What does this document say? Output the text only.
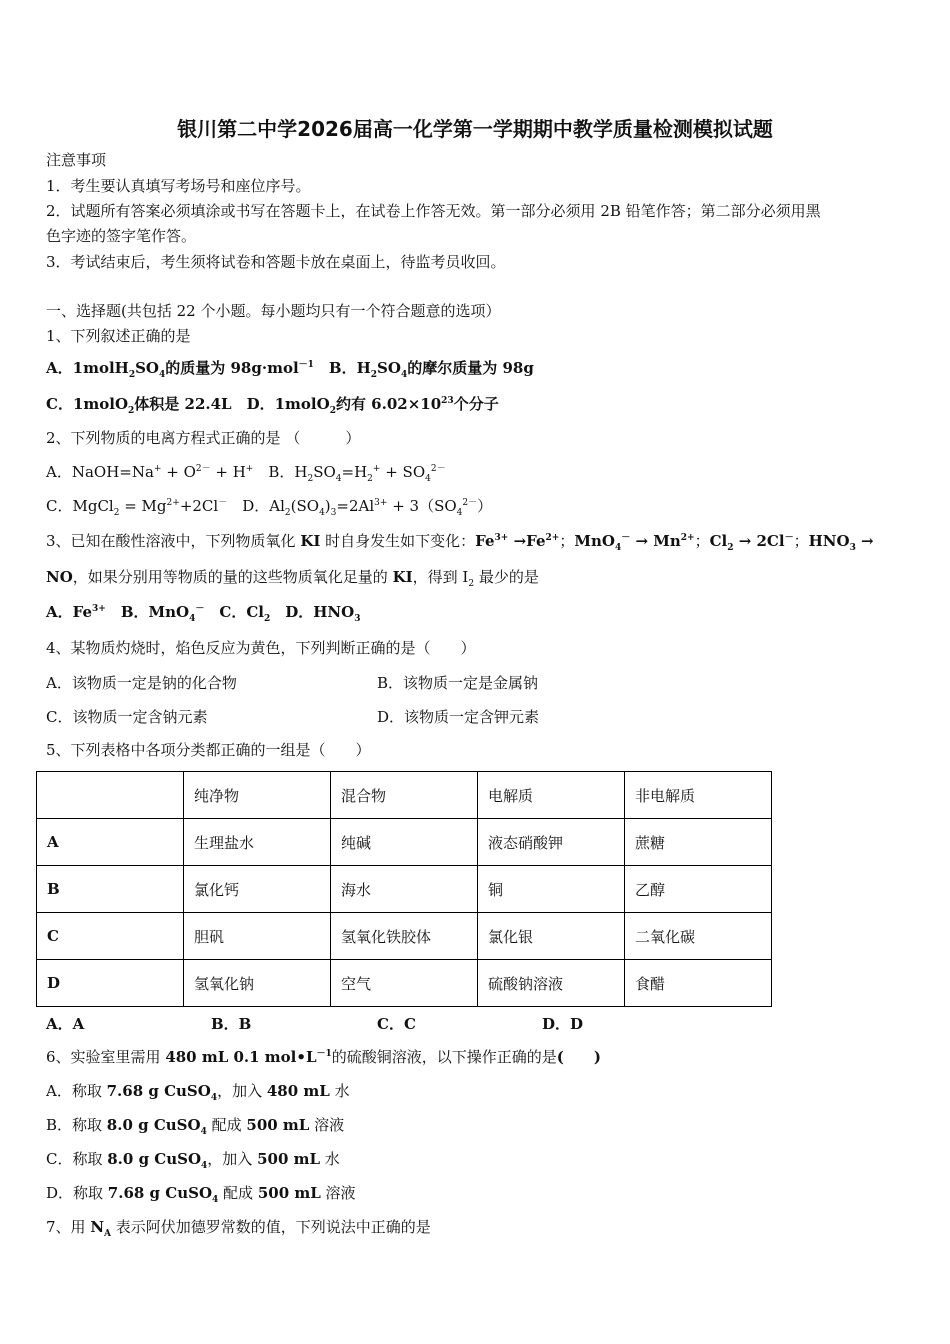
银川第二中学2026届高一化学第一学期期中教学质量检测模拟试题
注意事项
1．考生要认真填写考场号和座位序号。
2．试题所有答案必须填涂或书写在答题卡上，在试卷上作答无效。第一部分必须用 2B 铅笔作答；第二部分必须用黑
色字迹的签字笔作答。
3．考试结束后，考生须将试卷和答题卡放在桌面上，待监考员收回。
一、选择题(共包括 22 个小题。每小题均只有一个符合题意的选项）
1、下列叙述正确的是
A．$1molH_2SO_4$的质量为 98g·mol$^{-1}$　B．$H_2SO_4$的摩尔质量为 98g
C．1molO$_2$体积是 22.4L　D．1molO$_2$约有 $6.02\times 10^{23}$个分子
2、下列物质的电离方程式正确的是 （　　　）
A．NaOH=Na+ + $O^{2-} + H^+$　B．$H_2SO_4=H_2^+ + SO_4^{2-}$
C．MgCl$_2$ = $Mg^{2+}+2Cl^-$　D．$Al_2(SO_4)_3=2Al^{3+} + 3(SO_4^{2-})$
3、已知在酸性溶液中，下列物质氧化 KI 时自身发生如下变化：$Fe^{3+} \to Fe^{2+}$；$MnO_4^- \to Mn^{2+}$；$Cl_2 \to 2Cl^-$；$HNO_3$ →
NO，如果分别用等物质的量的这些物质氧化足量的 KI，得到 $I_2$ 最少的是
A．$Fe^{3+}$　B．MnO$_4$－　C．$Cl_2$　D．$HNO_3$
4、某物质灼烧时，焰色反应为黄色，下列判断正确的是（　　）
A．该物质一定是钠的化合物	B．该物质一定是金属钠
C．该物质一定含钠元素	D．该物质一定含钾元素
5、下列表格中各项分类都正确的一组是（　　）
	纯净物	混合物	电解质	非电解质
A	生理盐水	纯碱	液态硝酸钾	蔗糖
B	氯化钙	海水	铜	乙醇
C	胆矾	氢氧化铁胶体	氯化银	二氧化碳
D	氢氧化钠	空气	硫酸钠溶液	食醋
A．A	B．B	C．C	D．D
6、实验室里需用 480 mL 0.1 $mol•L^{-1}$的硫酸铜溶液，以下操作正确的是(　　)
A．称取 7.68 g CuSO$_4$，加入 480 mL 水
B．称取 8.0 g CuSO$_4$ 配成 500 mL 溶液
C．称取 8.0 g CuSO$_4$，加入 500 mL 水
D．称取 7.68 g CuSO$_4$ 配成 500 mL 溶液
7、用 $N_A$ 表示阿伏加德罗常数的值，下列说法中正确的是
